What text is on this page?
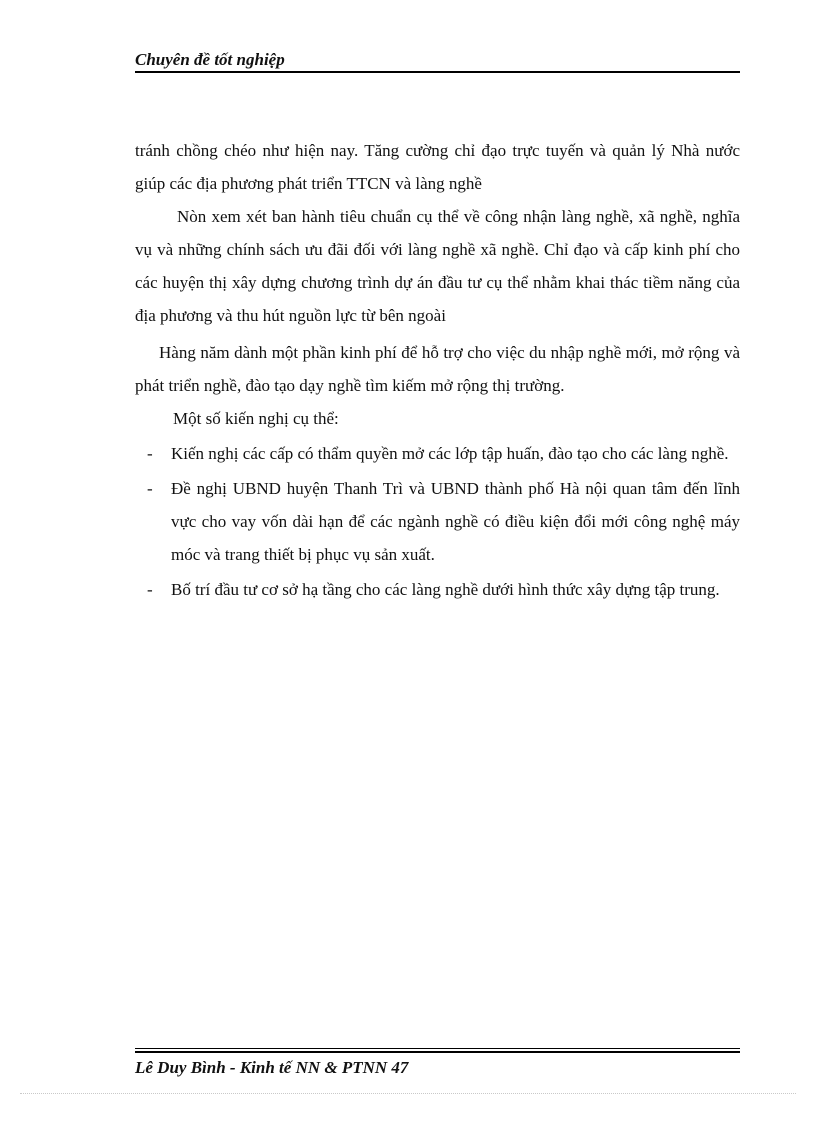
Chuyên đề tốt nghiệp

tránh chồng chéo như hiện nay. Tăng cường chỉ đạo trực tuyến và quản lý Nhà nước giúp các địa phương phát triển TTCN và làng nghề

Nòn xem xét ban hành tiêu chuẩn cụ thể về công nhận làng nghề, xã nghề, nghĩa vụ và những chính sách ưu đãi đối với làng nghề xã nghề. Chỉ đạo và cấp kinh phí cho các huyện thị xây dựng chương trình dự án đầu tư cụ thể nhằm khai thác tiềm năng của địa phương và thu hút nguồn lực từ bên ngoài

Hàng năm dành một phần kinh phí để hỗ trợ cho việc du nhập nghề mới, mở rộng và phát triển nghề, đào tạo dạy nghề tìm kiếm mở rộng thị trường.

Một số kiến nghị cụ thể:

- Kiến nghị các cấp có thẩm quyền mở các lớp tập huấn, đào tạo cho các làng nghề.
- Đề nghị UBND huyện Thanh Trì và UBND thành phố Hà nội quan tâm đến lĩnh vực cho vay vốn dài hạn để các ngành nghề có điều kiện đổi mới công nghệ máy móc và trang thiết bị phục vụ sản xuất.
- Bố trí đầu tư cơ sở hạ tầng cho các làng nghề dưới hình thức xây dựng tập trung.
Lê Duy Bình - Kinh tế NN & PTNN 47
